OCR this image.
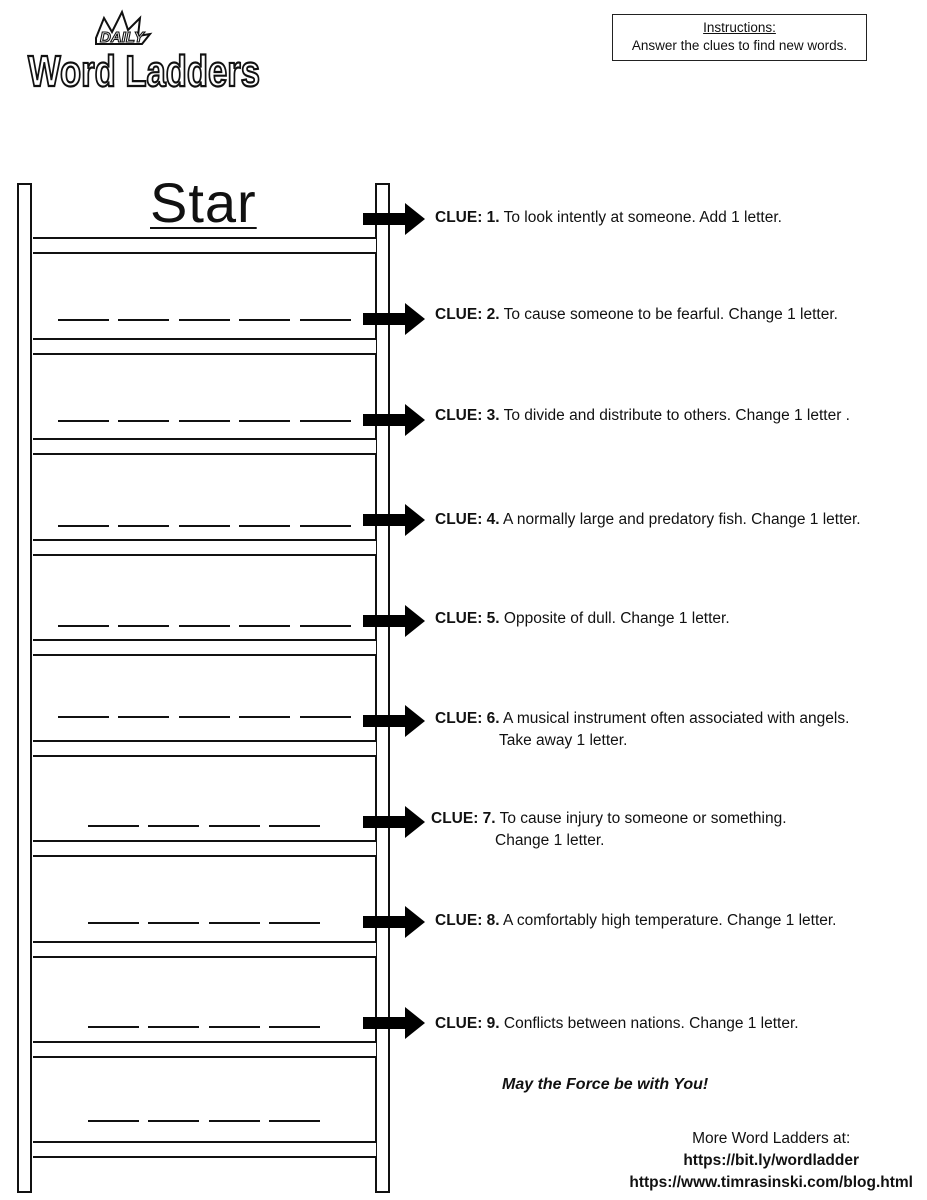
DAILY
Word Ladders
Instructions:
Answer the clues to find new words.
Star	CLUE: 1. To look intently at someone. Add 1 letter.
CLUE: 2. To cause someone to be fearful. Change 1 letter.
CLUE: 3. To divide and distribute to others. Change 1 letter .
CLUE: 4. A normally large and predatory fish. Change 1 letter.
CLUE: 5. Opposite of dull. Change 1 letter.
CLUE: 6. A musical instrument often associated with angels.
Take away 1 letter.
CLUE: 7. To cause injury to someone or something.
Change 1 letter.
CLUE: 8. A comfortably high temperature. Change 1 letter.
CLUE: 9. Conflicts between nations. Change 1 letter.
May the Force be with You!
More Word Ladders at:
https://bit.ly/wordladder
https://www.timrasinski.com/blog.html
